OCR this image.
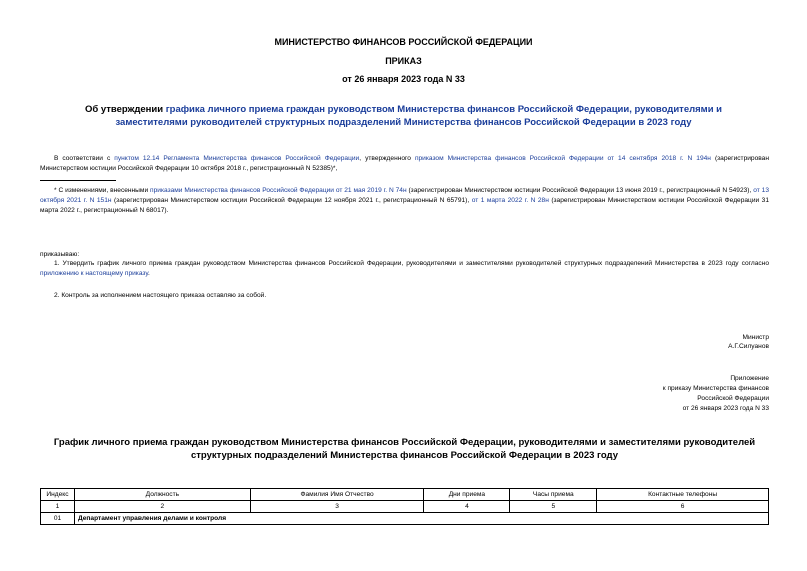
МИНИСТЕРСТВО ФИНАНСОВ РОССИЙСКОЙ ФЕДЕРАЦИИ
ПРИКАЗ
от 26 января 2023 года N 33
Об утверждении графика личного приема граждан руководством Министерства финансов Российской Федерации, руководителями и заместителями руководителей структурных подразделений Министерства финансов Российской Федерации в 2023 году
В соответствии с пунктом 12.14 Регламента Министерства финансов Российской Федерации, утвержденного приказом Министерства финансов Российской Федерации от 14 сентября 2018 г. N 194н (зарегистрирован Министерством юстиции Российской Федерации 10 октября 2018 г., регистрационный N 52385)*,
* С изменениями, внесенными приказами Министерства финансов Российской Федерации от 21 мая 2019 г. N 74н (зарегистрирован Министерством юстиции Российской Федерации 13 июня 2019 г., регистрационный N 54923), от 13 октября 2021 г. N 151н (зарегистрирован Министерством юстиции Российской Федерации 12 ноября 2021 г., регистрационный N 65791), от 1 марта 2022 г. N 28н (зарегистрирован Министерством юстиции Российской Федерации 31 марта 2022 г., регистрационный N 68017).
приказываю:
1. Утвердить график личного приема граждан руководством Министерства финансов Российской Федерации, руководителями и заместителями руководителей структурных подразделений Министерства в 2023 году согласно приложению к настоящему приказу.
2. Контроль за исполнением настоящего приказа оставляю за собой.
Министр
А.Г.Силуанов
Приложение
к приказу Министерства финансов
Российской Федерации
от 26 января 2023 года N 33
График личного приема граждан руководством Министерства финансов Российской Федерации, руководителями и заместителями руководителей структурных подразделений Министерства финансов Российской Федерации в 2023 году
Индекс	Должность	Фамилия Имя Отчество	Дни приема	Часы приема	Контактные телефоны
1	2	3	4	5	6
01	Департамент управления делами и контроля				
